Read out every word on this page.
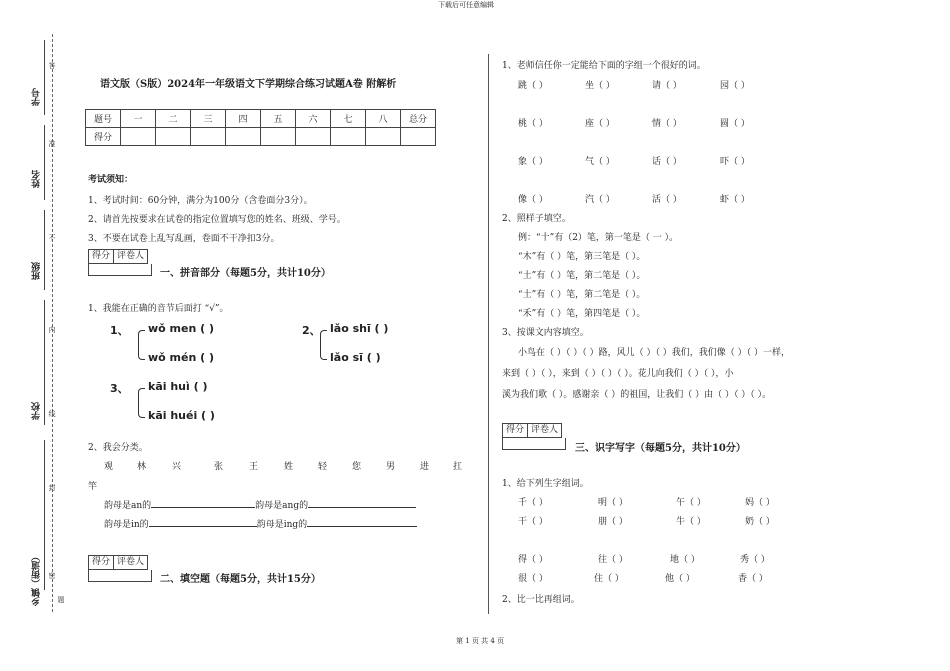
下载后可任意编辑
学号
姓名
班级
学校
乡镇（街道）
答
准
不
内
线
封
密
题
语文版（S版）2024年一年级语文下学期综合练习试题A卷 附解析
题号	一	二	三	四	五	六	七	八	总分
得分									
考试须知：
1、考试时间：60分钟，满分为100分（含卷面分3分）。
2、请首先按要求在试卷的指定位置填写您的姓名、班级、学号。
3、不要在试卷上乱写乱画，卷面不干净扣3分。
得分 评卷人
一、拼音部分（每题5分，共计10分）
1、我能在正确的音节后面打 “√”。
1、 wǒ men ( )
wǒ mén ( )
2、 lǎo shī ( )
lǎo sī ( )
3、 kāi huì ( )
kāi huéi ( )
2、我会分类。
观	林	兴	张	王	姓	轻	您	男	进	扛
竿
韵母是an的	韵母是ang的
韵母是in的	韵母是ing的
得分 评卷人
二、填空题（每题5分，共计15分）
1、老师信任你一定能给下面的字组一个很好的词。
跳（ ）	坐（ ）	请（ ）	园（ ）
桃（ ）	座（ ）	情（ ）	圆（ ）
象（ ）	气（ ）	话（ ）	吓（ ）
像（ ）	汽（ ）	活（ ）	虾（ ）
2、照样子填空。
例：“十”有（2）笔，第一笔是（ 一 ）。
“木”有（ ）笔，第三笔是（ ）。
“土”有（ ）笔，第二笔是（ ）。
“土”有（ ）笔，第二笔是（ ）。
“禾”有（ ）笔，第四笔是（ ）。
3、按课文内容填空。
小鸟在（ ）（ ）（ ）路，风儿（ ）（ ）我们，我们像（ ）（ ）一样，
来到（ ）（ ），来到（ ）（ ）（ ）。花儿向我们（ ）（ ），小
溪为我们歌（ ）。感谢亲（ ）的祖国，让我们（ ）由（ ）（ ）（ ）。
得分 评卷人
三、识字写字（每题5分，共计10分）
1、给下列生字组词。
千（ ）	明（ ）	午（ ）	妈（ ）
干（ ）	朋（ ）	牛（ ）	奶（ ）
得（ ）	往（ ）	地（ ）	秀（ ）
很（ ）	住（ ）	他（ ）	香（ ）
2、比一比再组词。
第 1 页 共 4 页
